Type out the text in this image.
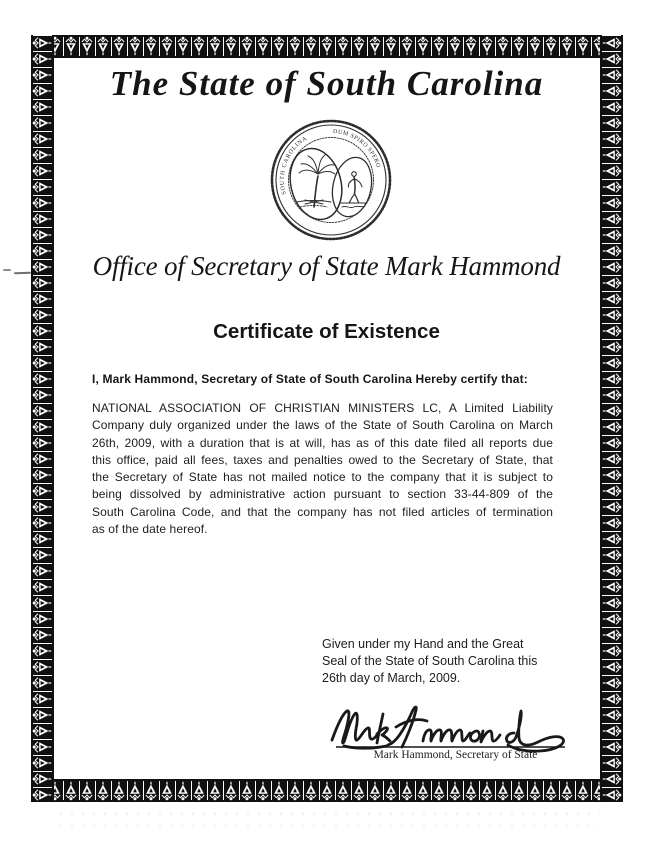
The State of South Carolina
SOUTH CAROLINA
DUM SPIRO SPERO
Office of Secretary of State Mark Hammond
Certificate of Existence
I, Mark Hammond, Secretary of State of South Carolina Hereby certify that:
NATIONAL ASSOCIATION OF CHRISTIAN MINISTERS LC, A Limited Liability
Company duly organized under the laws of the State of South Carolina on March
26th, 2009, with a duration that is at will, has as of this date filed all reports due
this office, paid all fees, taxes and penalties owed to the Secretary of State, that
the Secretary of State has not mailed notice to the company that it is subject to
being dissolved by administrative action pursuant to section 33-44-809 of the
South Carolina Code, and that the company has not filed articles of termination
as of the date hereof.
Given under my Hand and the Great
Seal of the State of South Carolina this
26th day of March, 2009.
Mark Hammond, Secretary of State
